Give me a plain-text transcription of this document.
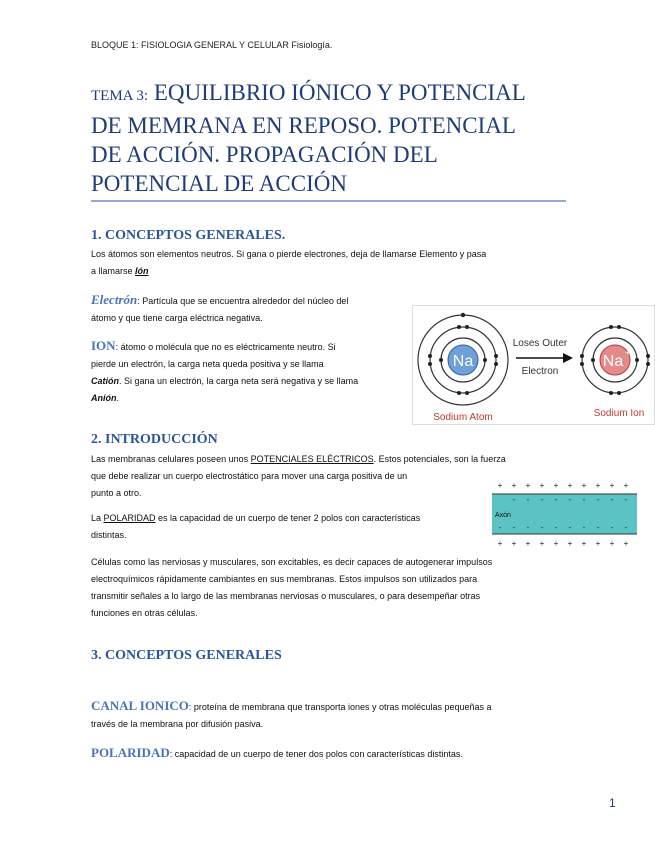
BLOQUE 1: FISIOLOGIA GENERAL Y CELULAR Fisiología.
TEMA 3: EQUILIBRIO IÓNICO Y POTENCIAL
DE MEMRANA EN REPOSO. POTENCIAL
DE ACCIÓN. PROPAGACIÓN DEL
POTENCIAL DE ACCIÓN
1. CONCEPTOS GENERALES.
Los átomos son elementos neutros. Si gana o pierde electrones, deja de llamarse Elemento y pasa
a llamarse Ión
Electrón: Partícula que se encuentra alrededor del núcleo del
átomo y que tiene carga eléctrica negativa.
ION: átomo o molécula que no es eléctricamente neutro. Si
pierde un electrón, la carga neta queda positiva y se llama
Catión. Si gana un electrón, la carga neta será negativa y se llama
Anión.
Na
Loses Outer
Electron
Na +
Sodium Atom	Sodium Ion
2. INTRODUCCIÓN
Las membranas celulares poseen unos POTENCIALES ELÉCTRICOS. Estos potenciales, son la fuerza
que debe realizar un cuerpo electrostático para mover una carga positiva de un
punto a otro.
La POLARIDAD es la capacidad de un cuerpo de tener 2 polos con características
distintas.
+ + + + + + + + + +
- - - - - - - - -
- - - - - - - - - -
+ + + + + + + + + +
Axón
Células como las nerviosas y musculares, son excitables, es decir capaces de autogenerar impulsos
electroquímicos rápidamente cambiantes en sus membranas. Estos impulsos son utilizados para
transmitir señales a lo largo de las membranas nerviosas o musculares, o para desempeñar otras
funciones en otras células.
3. CONCEPTOS GENERALES
CANAL IONICO: proteína de membrana que transporta iones y otras moléculas pequeñas a
través de la membrana por difusión pasiva.
POLARIDAD: capacidad de un cuerpo de tener dos polos con características distintas.
1
